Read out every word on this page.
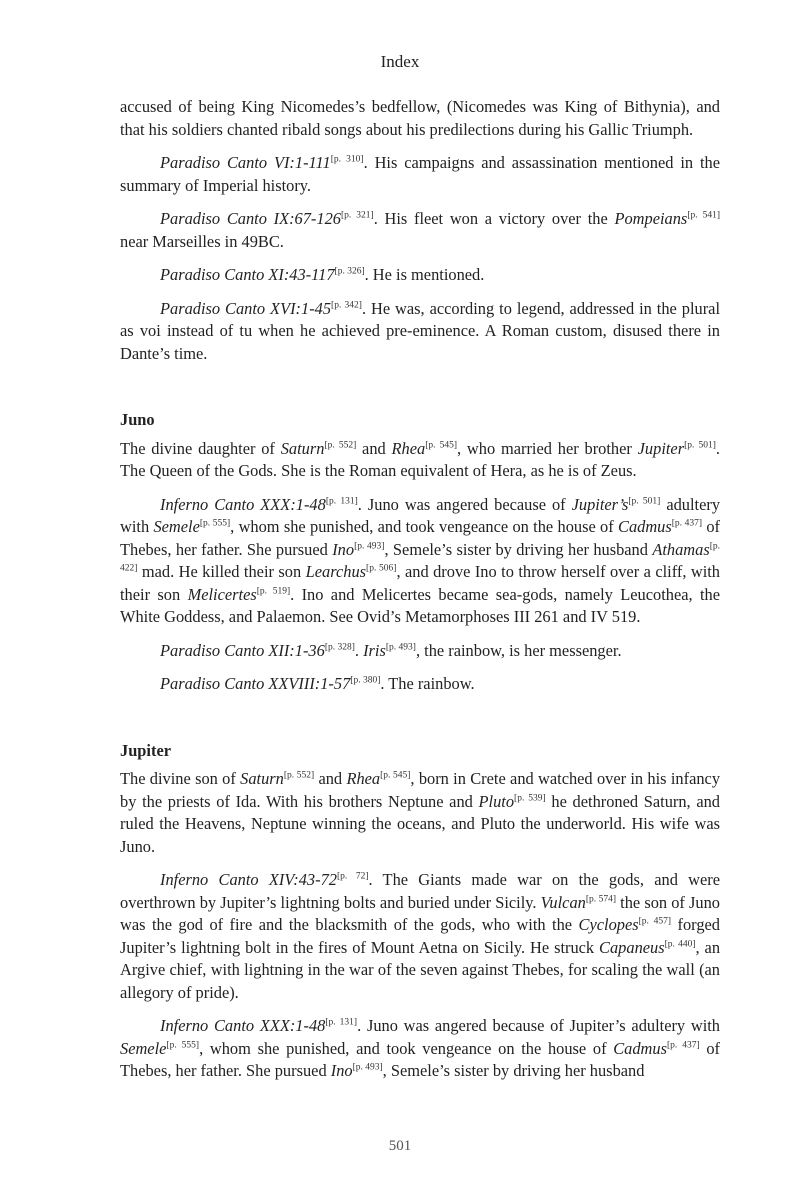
Index

accused of being King Nicomedes’s bedfellow, (Nicomedes was King of Bithynia), and that his soldiers chanted ribald songs about his predilections during his Gallic Triumph.

Paradiso Canto VI:1-111[p. 310]. His campaigns and assassination mentioned in the summary of Imperial history.

Paradiso Canto IX:67-126[p. 321]. His fleet won a victory over the Pompeians[p. 541] near Marseilles in 49BC.

Paradiso Canto XI:43-117[p. 326]. He is mentioned.

Paradiso Canto XVI:1-45[p. 342]. He was, according to legend, addressed in the plural as voi instead of tu when he achieved pre-eminence. A Roman custom, disused there in Dante’s time.

Juno

The divine daughter of Saturn[p. 552] and Rhea[p. 545], who married her brother Jupiter[p. 501]. The Queen of the Gods. She is the Roman equivalent of Hera, as he is of Zeus.

Inferno Canto XXX:1-48[p. 131]. Juno was angered because of Jupiter’s[p. 501] adultery with Semele[p. 555], whom she punished, and took vengeance on the house of Cadmus[p. 437] of Thebes, her father. She pursued Ino[p. 493], Semele’s sister by driving her husband Athamas[p. 422] mad. He killed their son Learchus[p. 506], and drove Ino to throw herself over a cliff, with their son Melicertes[p. 519]. Ino and Melicertes became sea-gods, namely Leucothea, the White Goddess, and Palaemon. See Ovid’s Metamorphoses III 261 and IV 519.

Paradiso Canto XII:1-36[p. 328]. Iris[p. 493], the rainbow, is her messenger.

Paradiso Canto XXVIII:1-57[p. 380]. The rainbow.

Jupiter

The divine son of Saturn[p. 552] and Rhea[p. 545], born in Crete and watched over in his infancy by the priests of Ida. With his brothers Neptune and Pluto[p. 539] he dethroned Saturn, and ruled the Heavens, Neptune winning the oceans, and Pluto the underworld. His wife was Juno.

Inferno Canto XIV:43-72[p. 72]. The Giants made war on the gods, and were overthrown by Jupiter’s lightning bolts and buried under Sicily. Vulcan[p. 574] the son of Juno was the god of fire and the blacksmith of the gods, who with the Cyclopes[p. 457] forged Jupiter’s lightning bolt in the fires of Mount Aetna on Sicily. He struck Capaneus[p. 440], an Argive chief, with lightning in the war of the seven against Thebes, for scaling the wall (an allegory of pride).

Inferno Canto XXX:1-48[p. 131]. Juno was angered because of Jupiter’s adultery with Semele[p. 555], whom she punished, and took vengeance on the house of Cadmus[p. 437] of Thebes, her father. She pursued Ino[p. 493], Semele’s sister by driving her husband

501
